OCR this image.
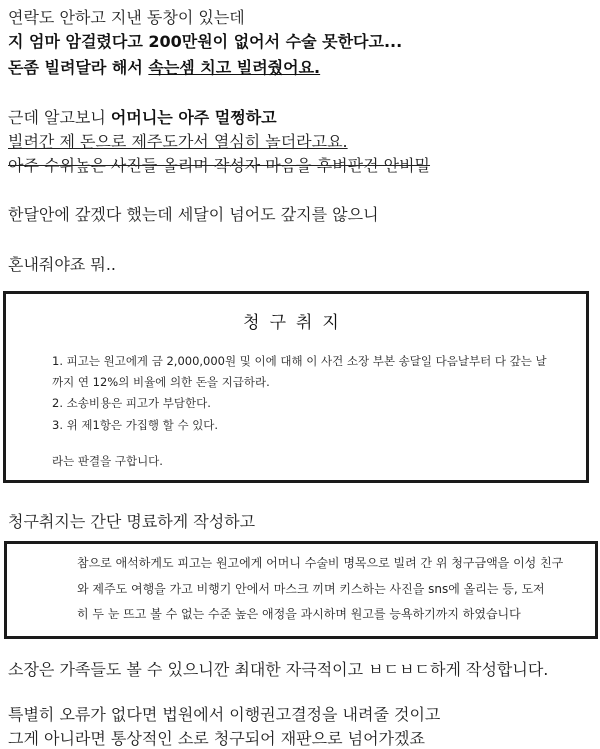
연락도 안하고 지낸 동창이 있는데
지 엄마 암걸렸다고 200만원이 없어서 수술 못한다고...
돈좀 빌려달라 해서 속는셈 치고 빌려줬어요.
근데 알고보니 어머니는 아주 멀쩡하고
빌려간 제 돈으로 제주도가서 열심히 놀더라고요.
아주 수위높은 사진들 올리며 작성자 마음을 후벼판건 안비밀
한달안에 갚겠다 했는데 세달이 넘어도 갚지를 않으니
혼내줘야죠 뭐..
청구취지
1. 피고는 원고에게 금 2,000,000원 및 이에 대해 이 사건 소장 부본 송달일 다음날부터 다 갚는 날
까지 연 12%의 비율에 의한 돈을 지급하라.
2. 소송비용은 피고가 부담한다.
3. 위 제1항은 가집행 할 수 있다.
라는 판결을 구합니다.
청구취지는 간단 명료하게 작성하고
참으로 애석하게도 피고는 원고에게 어머니 수술비 명목으로 빌려 간 위 청구금액을 이성 친구
와 제주도 여행을 가고 비행기 안에서 마스크 끼며 키스하는 사진을 sns에 올리는 등, 도저
히 두 눈 뜨고 볼 수 없는 수준 높은 애정을 과시하며 원고를 능욕하기까지 하였습니다
소장은 가족들도 볼 수 있으니깐 최대한 자극적이고 ㅂㄷㅂㄷ하게 작성합니다.
특별히 오류가 없다면 법원에서 이행권고결정을 내려줄 것이고
그게 아니라면 통상적인 소로 청구되어 재판으로 넘어가겠죠
